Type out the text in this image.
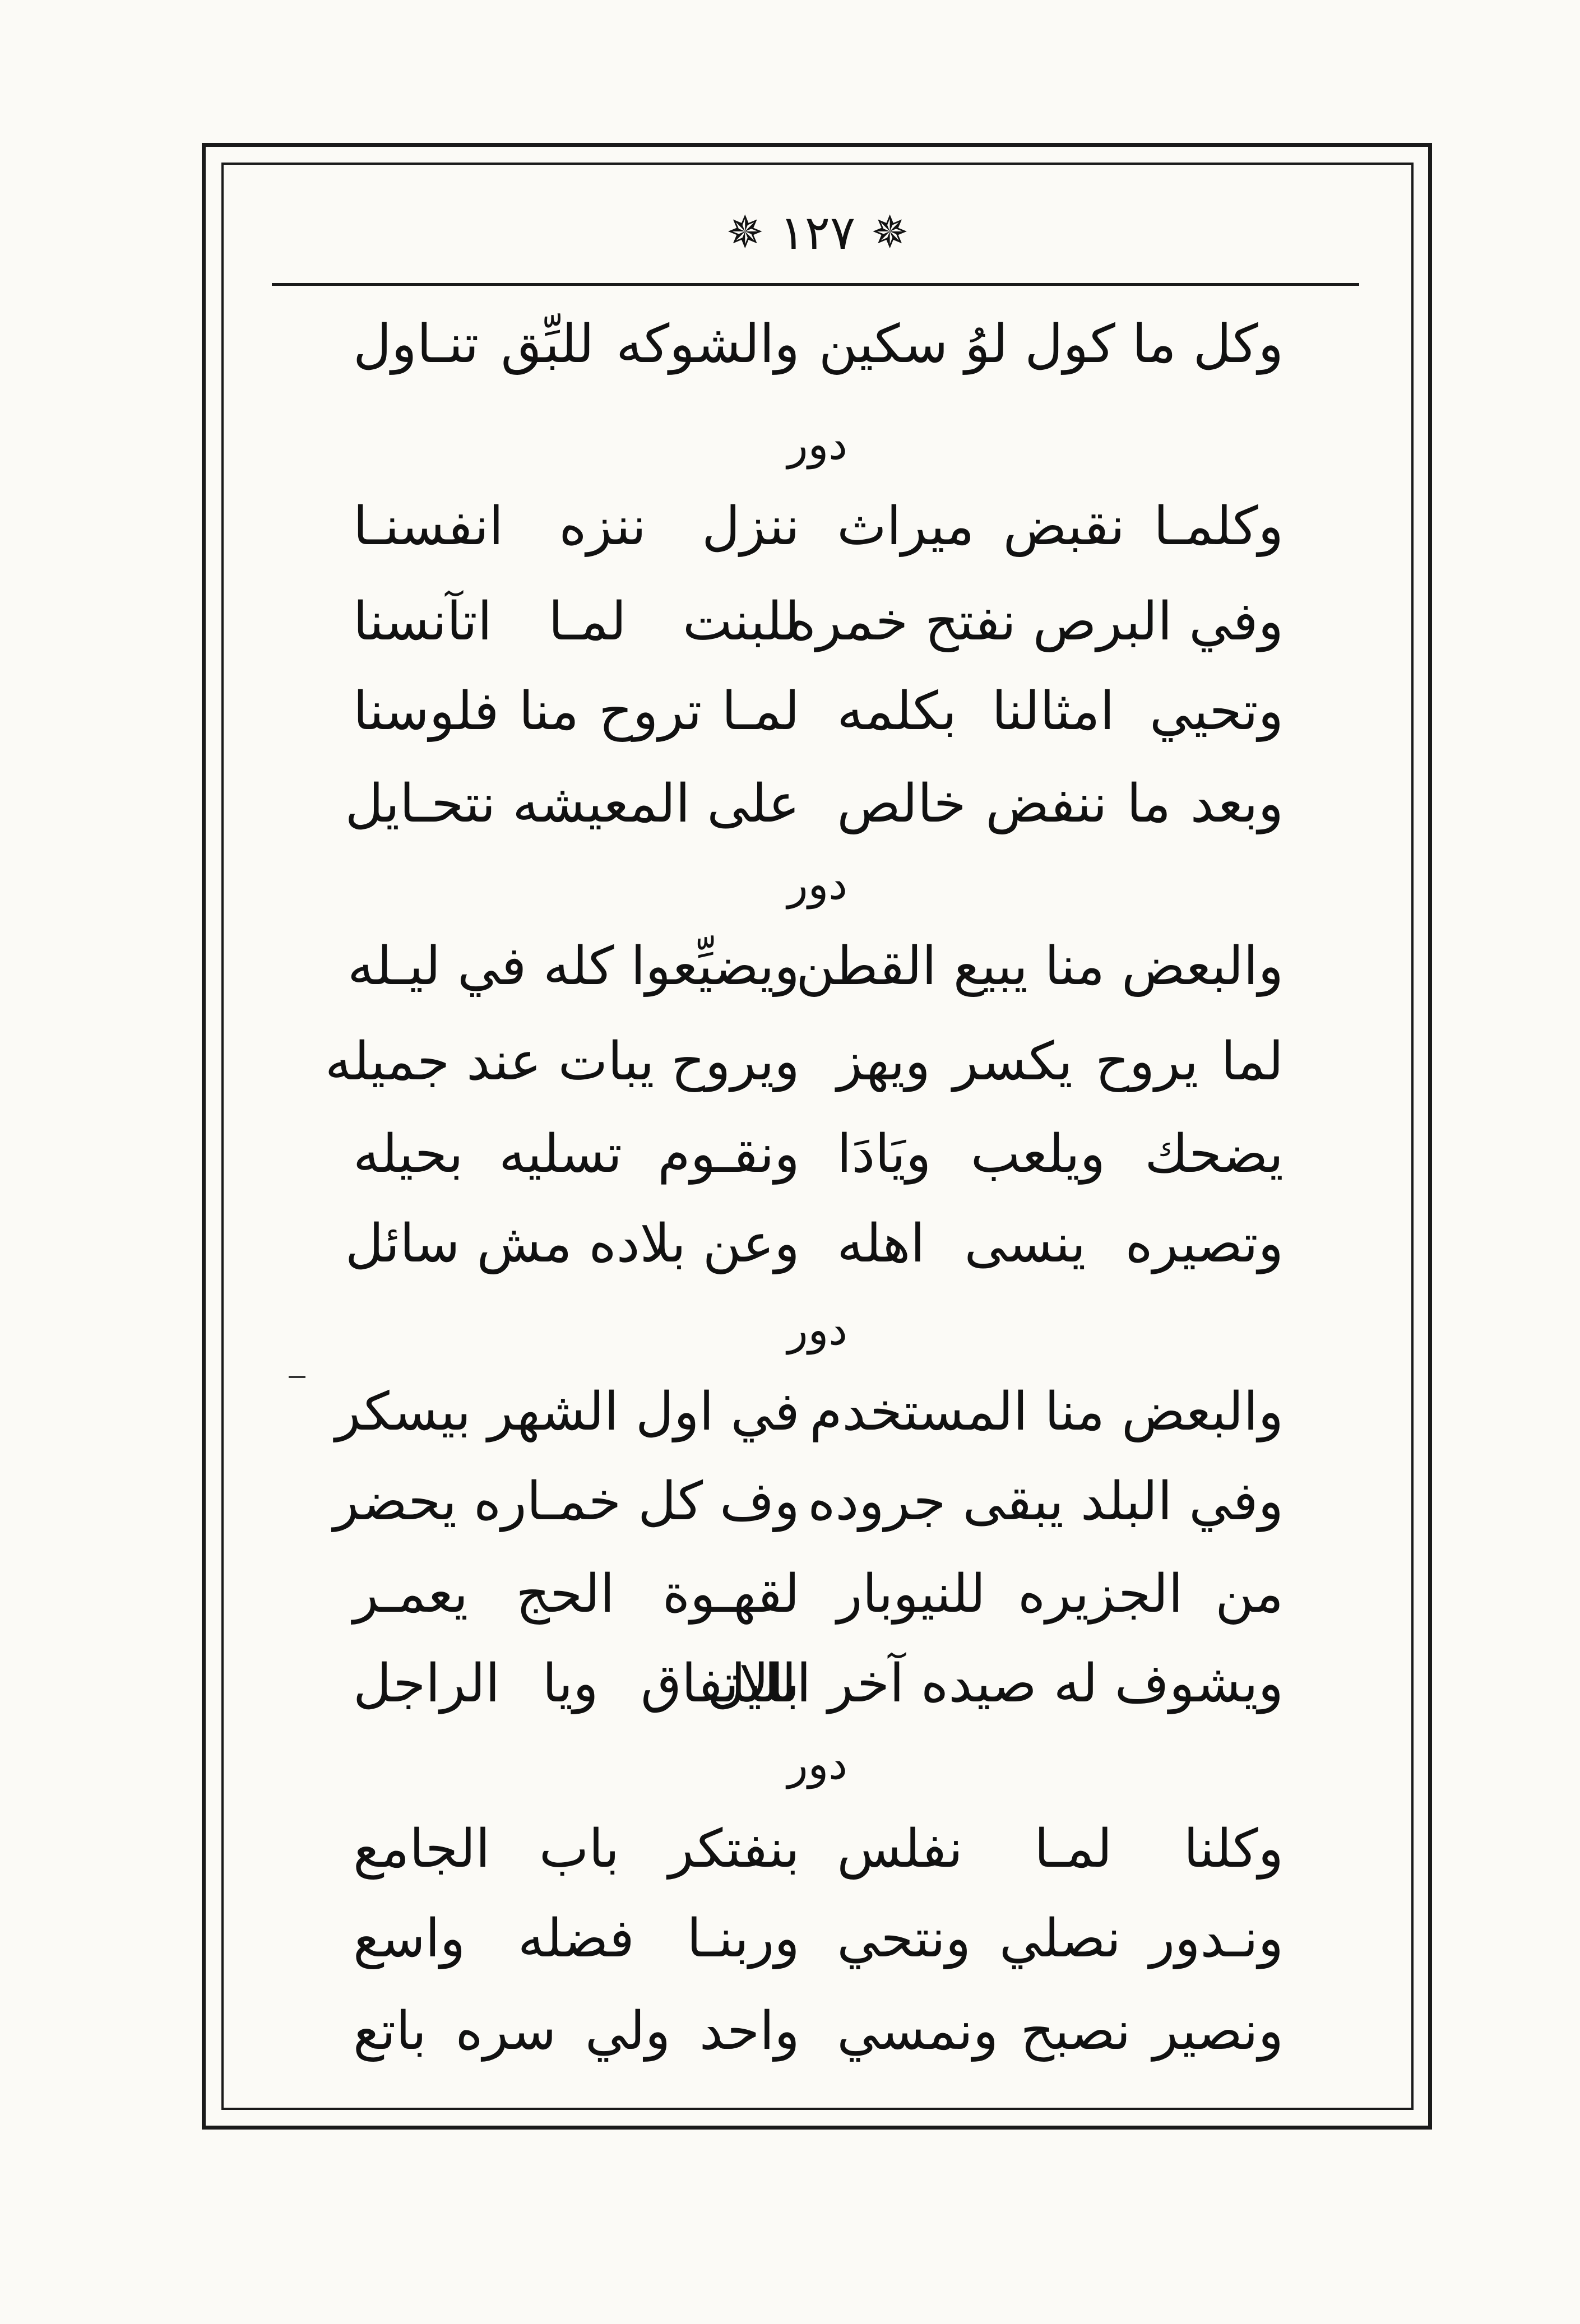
✵ ١٢٧ ✵
وكل ما كول لوُ سكين
والشوكه للبِّق تنـاول
دور
وكلمـا نقبض ميراث
ننزل ننزه انفسنـا
وفي البرص نفتح خمره
للبنت لمـا اتآنسنا
وتحيي امثالنا بكلمه
لمـا تروح منا فلوسنا
وبعد ما ننفض خالص
على المعيشه نتحـايل
دور
والبعض منا يبيع القطن
ويضيِّعوا كله في ليـله
لما يروح يكسر ويهز
ويروح يبات عند جميله
يضحك ويلعب ويَادَا
ونقـوم تسليه بحيله
وتصيره ينسى اهله
وعن بلاده مش سائل
دور
والبعض منا المستخدم
في اول الشهر بيسكر
وفي البلد يبقى جروده
وف كل خمـاره يحضر
من الجزيره للنيوبار
لقهـوة الحج يعمـر
ويشوف له صيده آخر الليل
بالاتفاق ويا الراجل
دور
وكلنا لمـا نفلس
بنفتكر باب الجامع
ونـدور نصلي ونتحي
وربنـا فضله واسع
ونصير نصبح ونمسي
واحد ولي سره باتع
